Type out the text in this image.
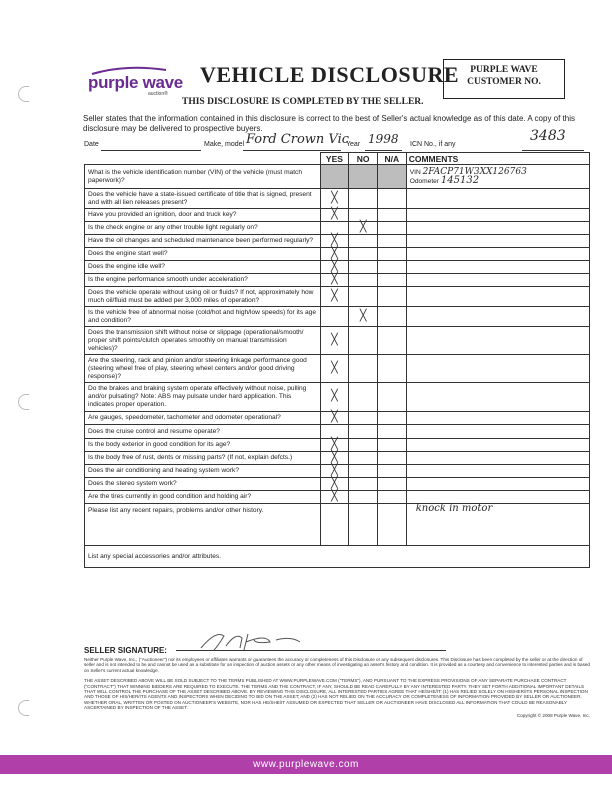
purple wave
auction®
VEHICLE DISCLOSURE	PURPLE WAVE
CUSTOMER NO.
THIS DISCLOSURE IS COMPLETED BY THE SELLER.
Seller states that the information contained in this disclosure is correct to the best of Seller's actual knowledge as of this date. A copy of this disclosure may be delivered to prospective buyers.
Date	Make, model Ford Crown Vic
Year 1998 ICN No., if any
3483
	YES	NO	N/A	COMMENTS
What is the vehicle identification number (VIN) of the vehicle (must match paperwork)?				VIN 2FACP71W3XX126763
Odometer 145132

Does the vehicle have a state-issued certificate of title that is signed, present and with all lien releases present?	╳			
Have you provided an ignition, door and truck key?	╳			
Is the check engine or any other trouble light regularly on?		╳		
Have the oil changes and scheduled maintenance been performed regularly?	╳			
Does the engine start well?	╳			
Does the engine idle well?	╳			
Is the engine performance smooth under acceleration?	╳			
Does the vehicle operate without using oil or fluids? If not, approximately how much oil/fluid must be added per 3,000 miles of operation?	╳			
Is the vehicle free of abnormal noise (cold/hot and high/low speeds) for its age and condition?		╳		
Does the transmission shift without noise or slippage (operational/smooth/ proper shift points/clutch operates smoothly on manual transmission vehicles)?	╳			
Are the steering, rack and pinion and/or steering linkage performance good (steering wheel free of play, steering wheel centers and/or good driving response)?	╳			
Do the brakes and braking system operate effectively without noise, pulling and/or pulsating? Note: ABS may pulsate under hard application. This indicates proper operation.	╳			
Are gauges, speedometer, tachometer and odometer operational?	╳			
Does the cruise control and resume operate?				
Is the body exterior in good condition for its age?	╳			
Is the body free of rust, dents or missing parts? (If not, explain defcts.)	╳			
Does the air conditioning and heating system work?	╳			
Does the stereo system work?	╳			
Are the tires currently in good condition and holding air?	╳			
Please list any recent repairs, problems and/or other history.				knock in motor
List any special accessories and/or attributes.				
SELLER SIGNATURE:
Neither Purple Wave, Inc., ("Auctioneer") nor its employees or affiliates warrants or guarantees the accuracy or completeness of this Disclosure or any subsequent disclosures. This Disclosure has been completed by the seller or at the direction of seller and is not intended to be and cannot be used as a substitute for an inspection of auction assets or any other means of investigating an asset's history and condition. It is provided as a courtesy and convenience to interested parties and is based on Seller's current actual knowledge.
THE ASSET DESCRIBED ABOVE WILL BE SOLD SUBJECT TO THE TERMS PUBLISHED AT WWW.PURPLEWAVE.COM ("TERMS"), AND PURSUANT TO THE EXPRESS PROVISIONS OF ANY SEPARATE PURCHASE CONTRACT ("CONTRACT") THAT WINNING BIDDERS ARE REQUIRED TO EXECUTE. THE TERMS AND THE CONTRACT, IF ANY, SHOULD BE READ CAREFULLY BY ANY INTERESTED PARTY. THEY SET FORTH ADDITIONAL IMPORTANT DETAILS THAT WILL CONTROL THE PURCHASE OF THE ASSET DESCRIBED ABOVE. BY REVIEWING THIS DISCLOSURE, ALL INTERESTED PARTIES AGREE THAT HE/SHE/IT: (1) HAS RELIED SOLELY ON HIS/HER/ITS PERSONAL INSPECTION AND THOSE OF HIS/HER/ITS AGENTS AND INSPECTORS WHEN DECIDING TO BID ON THE ASSET; AND (2) HAS NOT RELIED ON THE ACCURACY OR COMPLETENESS OF INFORMATION PROVIDED BY SELLER OR AUCTIONEER, WHETHER ORAL, WRITTEN OR POSTED ON AUCTIONEER'S WEBSITE, NOR HAS HE/SHE/IT ASSUMED OR EXPECTED THAT SELLER OR AUCTIONEER HAVE DISCLOSED ALL INFORMATION THAT COULD BE REASONABLY ASCERTAINED BY INSPECTION OF THE ASSET.
Copyright © 2008 Purple Wave, Inc.
www.purplewave.com
